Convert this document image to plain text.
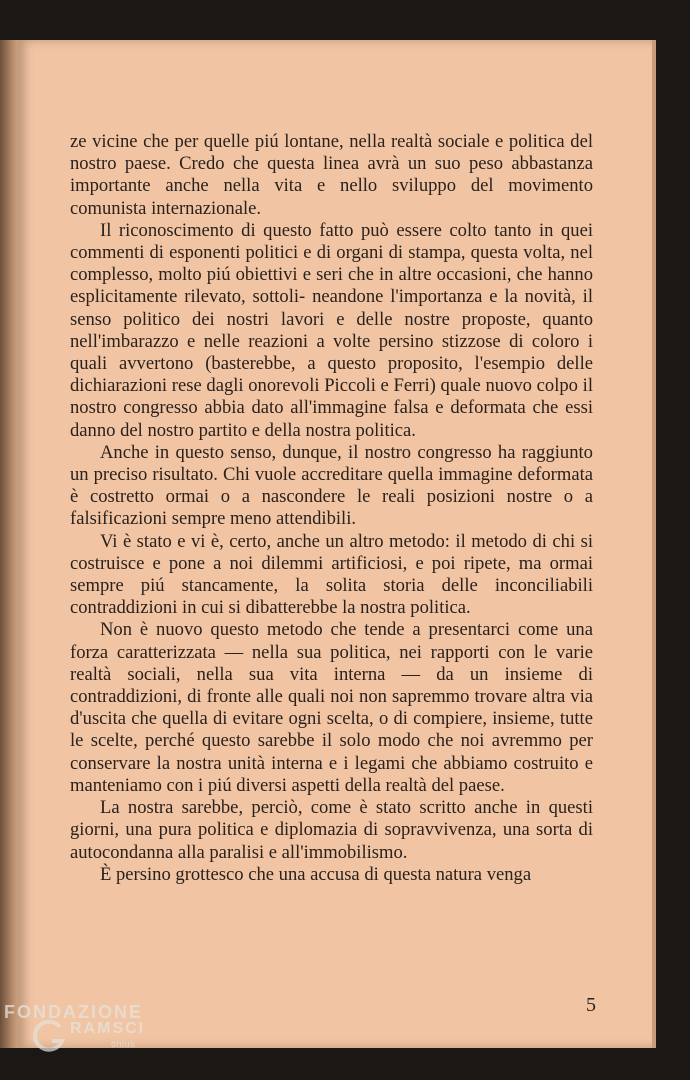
ze vicine che per quelle piú lontane, nella realtà sociale e politica del nostro paese. Credo che questa linea avrà un suo peso abbastanza importante anche nella vita e nello sviluppo del movimento comunista internazionale.

Il riconoscimento di questo fatto può essere colto tanto in quei commenti di esponenti politici e di organi di stampa, questa volta, nel complesso, molto piú obiettivi e seri che in altre occasioni, che hanno esplicitamente rilevato, sottoli- neandone l'importanza e la novità, il senso politico dei nostri lavori e delle nostre proposte, quanto nell'imbarazzo e nelle reazioni a volte persino stizzose di coloro i quali avvertono (basterebbe, a questo proposito, l'esempio delle dichiarazioni rese dagli onorevoli Piccoli e Ferri) quale nuovo colpo il nostro congresso abbia dato all'immagine falsa e deformata che essi danno del nostro partito e della nostra politica.

Anche in questo senso, dunque, il nostro congresso ha raggiunto un preciso risultato. Chi vuole accreditare quella immagine deformata è costretto ormai o a nascondere le reali posizioni nostre o a falsificazioni sempre meno attendibili.

Vi è stato e vi è, certo, anche un altro metodo: il metodo di chi si costruisce e pone a noi dilemmi artificiosi, e poi ripete, ma ormai sempre piú stancamente, la solita storia delle inconciliabili contraddizioni in cui si dibatterebbe la nostra politica.

Non è nuovo questo metodo che tende a presentarci come una forza caratterizzata — nella sua politica, nei rapporti con le varie realtà sociali, nella sua vita interna — da un insieme di contraddizioni, di fronte alle quali noi non sapremmo trovare altra via d'uscita che quella di evitare ogni scelta, o di compiere, insieme, tutte le scelte, perché questo sarebbe il solo modo che noi avremmo per conservare la nostra unità interna e i legami che abbiamo costruito e manteniamo con i piú diversi aspetti della realtà del paese.

La nostra sarebbe, perciò, come è stato scritto anche in questi giorni, una pura politica e diplomazia di sopravvivenza, una sorta di autocondanna alla paralisi e all'immobilismo.

È persino grottesco che una accusa di questa natura venga

5
FONDAZIONE
RAMSCI
onlus
